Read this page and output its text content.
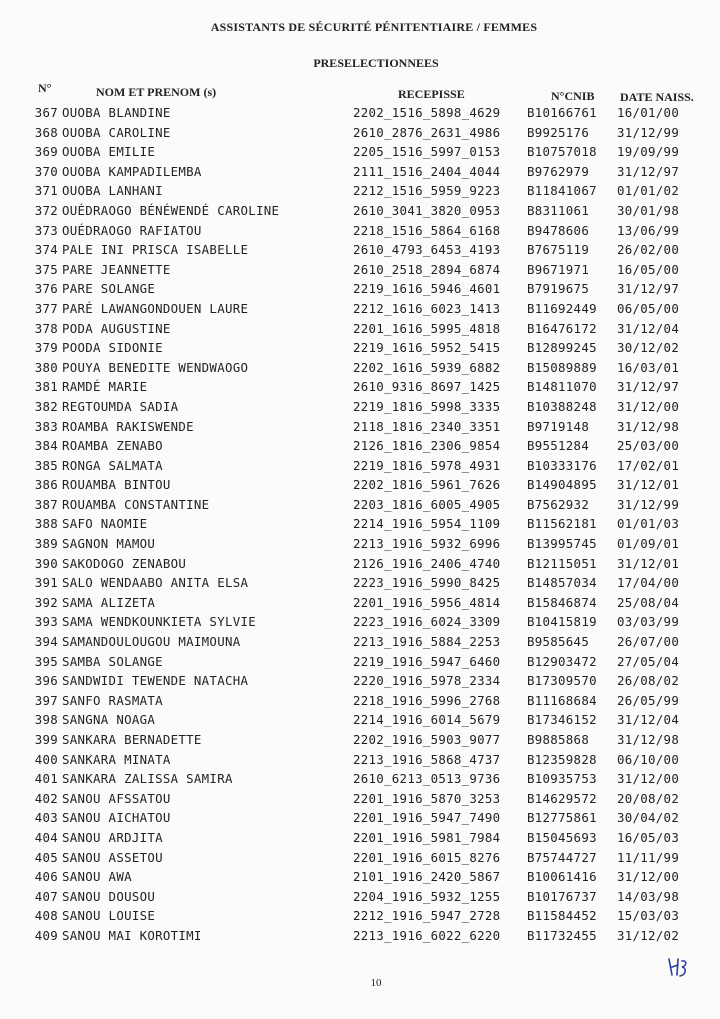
ASSISTANTS DE SÉCURITÉ PÉNITENTIAIRE / FEMMES
PRESELECTIONNEES
N°	NOM ET PRENOM (s)	RECEPISSE	N°CNIB DATE NAISS.
367 OUOBA BLANDINE	2202_1516_5898_4629 B10166761 16/01/00
368 OUOBA CAROLINE	2610_2876_2631_4986 B9925176 31/12/99
369 OUOBA EMILIE	2205_1516_5997_0153 B10757018 19/09/99
370 OUOBA KAMPADILEMBA	2111_1516_2404_4044 B9762979 31/12/97
371 OUOBA LANHANI	2212_1516_5959_9223 B11841067 01/01/02
372 OUÉDRAOGO BÉNÉWENDÉ CAROLINE	2610_3041_3820_0953 B8311061 30/01/98
373 OUÉDRAOGO RAFIATOU	2218_1516_5864_6168 B9478606 13/06/99
374 PALE INI PRISCA ISABELLE	2610_4793_6453_4193 B7675119 26/02/00
375 PARE JEANNETTE	2610_2518_2894_6874 B9671971 16/05/00
376 PARE SOLANGE	2219_1616_5946_4601 B7919675 31/12/97
377 PARÉ LAWANGONDOUEN LAURE	2212_1616_6023_1413 B11692449 06/05/00
378 PODA AUGUSTINE	2201_1616_5995_4818 B16476172 31/12/04
379 POODA SIDONIE	2219_1616_5952_5415 B12899245 30/12/02
380 POUYA BENEDITE WENDWAOGO	2202_1616_5939_6882 B15089889 16/03/01
381 RAMDÉ MARIE	2610_9316_8697_1425 B14811070 31/12/97
382 REGTOUMDA SADIA	2219_1816_5998_3335 B10388248 31/12/00
383 ROAMBA RAKISWENDE	2118_1816_2340_3351 B9719148 31/12/98
384 ROAMBA ZENABO	2126_1816_2306_9854 B9551284 25/03/00
385 RONGA SALMATA	2219_1816_5978_4931 B10333176 17/02/01
386 ROUAMBA BINTOU	2202_1816_5961_7626 B14904895 31/12/01
387 ROUAMBA CONSTANTINE	2203_1816_6005_4905 B7562932 31/12/99
388 SAFO NAOMIE	2214_1916_5954_1109 B11562181 01/01/03
389 SAGNON MAMOU	2213_1916_5932_6996 B13995745 01/09/01
390 SAKODOGO ZENABOU	2126_1916_2406_4740 B12115051 31/12/01
391 SALO WENDAABO ANITA ELSA	2223_1916_5990_8425 B14857034 17/04/00
392 SAMA ALIZETA	2201_1916_5956_4814 B15846874 25/08/04
393 SAMA WENDKOUNKIETA SYLVIE	2223_1916_6024_3309 B10415819 03/03/99
394 SAMANDOULOUGOU MAIMOUNA	2213_1916_5884_2253 B9585645 26/07/00
395 SAMBA SOLANGE	2219_1916_5947_6460 B12903472 27/05/04
396 SANDWIDI TEWENDE NATACHA	2220_1916_5978_2334 B17309570 26/08/02
397 SANFO RASMATA	2218_1916_5996_2768 B11168684 26/05/99
398 SANGNA NOAGA	2214_1916_6014_5679 B17346152 31/12/04
399 SANKARA BERNADETTE	2202_1916_5903_9077 B9885868 31/12/98
400 SANKARA MINATA	2213_1916_5868_4737 B12359828 06/10/00
401 SANKARA ZALISSA SAMIRA	2610_6213_0513_9736 B10935753 31/12/00
402 SANOU AFSSATOU	2201_1916_5870_3253 B14629572 20/08/02
403 SANOU AICHATOU	2201_1916_5947_7490 B12775861 30/04/02
404 SANOU ARDJITA	2201_1916_5981_7984 B15045693 16/05/03
405 SANOU ASSETOU	2201_1916_6015_8276 B75744727 11/11/99
406 SANOU AWA	2101_1916_2420_5867 B10061416 31/12/00
407 SANOU DOUSOU	2204_1916_5932_1255 B10176737 14/03/98
408 SANOU LOUISE	2212_1916_5947_2728 B11584452 15/03/03
409 SANOU MAI KOROTIMI	2213_1916_6022_6220 B11732455 31/12/02
10
